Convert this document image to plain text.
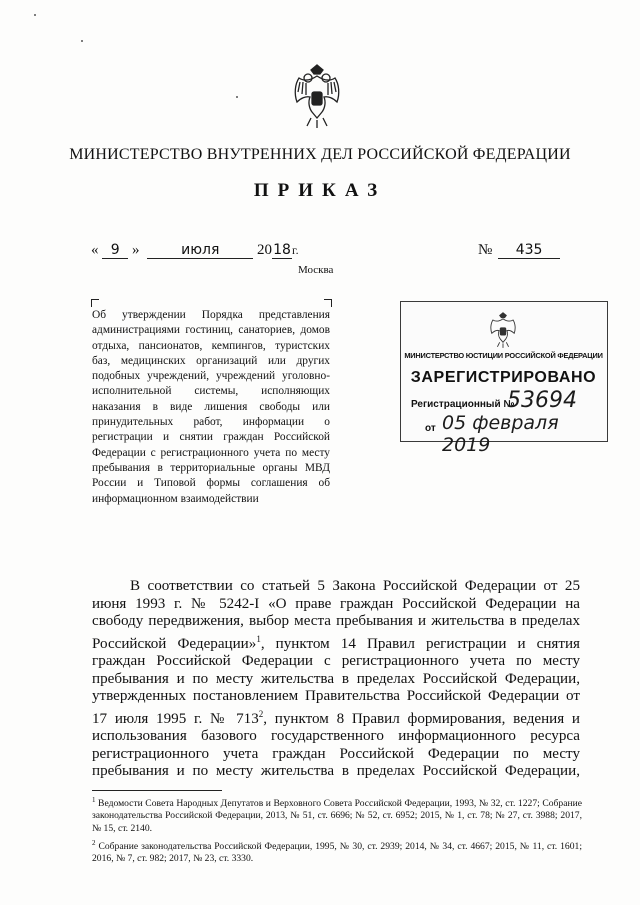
МИНИСТЕРСТВО ВНУТРЕННИХ ДЕЛ РОССИЙСКОЙ ФЕДЕРАЦИИ
ПРИКАЗ
« 9 »	июля	2018г.	№ 435
Москва
Об утверждении Порядка представления администрациями гостиниц, санаториев, домов отдыха, пансионатов, кемпингов, туристских баз, медицинских организаций или других подобных учреждений, учреждений уголовно-исполнительной системы, исполняющих наказания в виде лишения свободы или принудительных работ, информации о регистрации и снятии граждан Российской Федерации с регистрационного учета по месту пребывания в территориальные органы МВД России и Типовой формы соглашения об информационном взаимодействии
МИНИСТЕРСТВО ЮСТИЦИИ РОССИЙСКОЙ ФЕДЕРАЦИИ
ЗАРЕГИСТРИРОВАНО
Регистрационный №
53694
от 05 февраля 2019
В соответствии со статьей 5 Закона Российской Федерации от 25 июня 1993 г. № 5242-I «О праве граждан Российской Федерации на свободу передвижения, выбор места пребывания и жительства в пределах Российской Федерации»$^1$, пунктом 14 Правил регистрации и снятия граждан Российской Федерации с регистрационного учета по месту пребывания и по месту жительства в пределах Российской Федерации, утвержденных постановлением Правительства Российской Федерации от 17 июля 1995 г. № $713^2$, пунктом 8 Правил формирования, ведения и использования базового государственного информационного ресурса регистрационного учета граждан Российской Федерации по месту пребывания и по месту жительства в пределах Российской Федерации,

$^1$ Ведомости Совета Народных Депутатов и Верховного Совета Российской Федерации, 1993, № 32, ст. 1227; Собрание законодательства Российской Федерации, 2013, № 51, ст. 6696; № 52, ст. 6952; 2015, № 1, ст. 78; № 27, ст. 3988; 2017, № 15, ст. 2140.

$^2$ Собрание законодательства Российской Федерации, 1995, № 30, ст. 2939; 2014, № 34, ст. 4667; 2015, № 11, ст. 1601; 2016, № 7, ст. 982; 2017, № 23, ст. 3330.
